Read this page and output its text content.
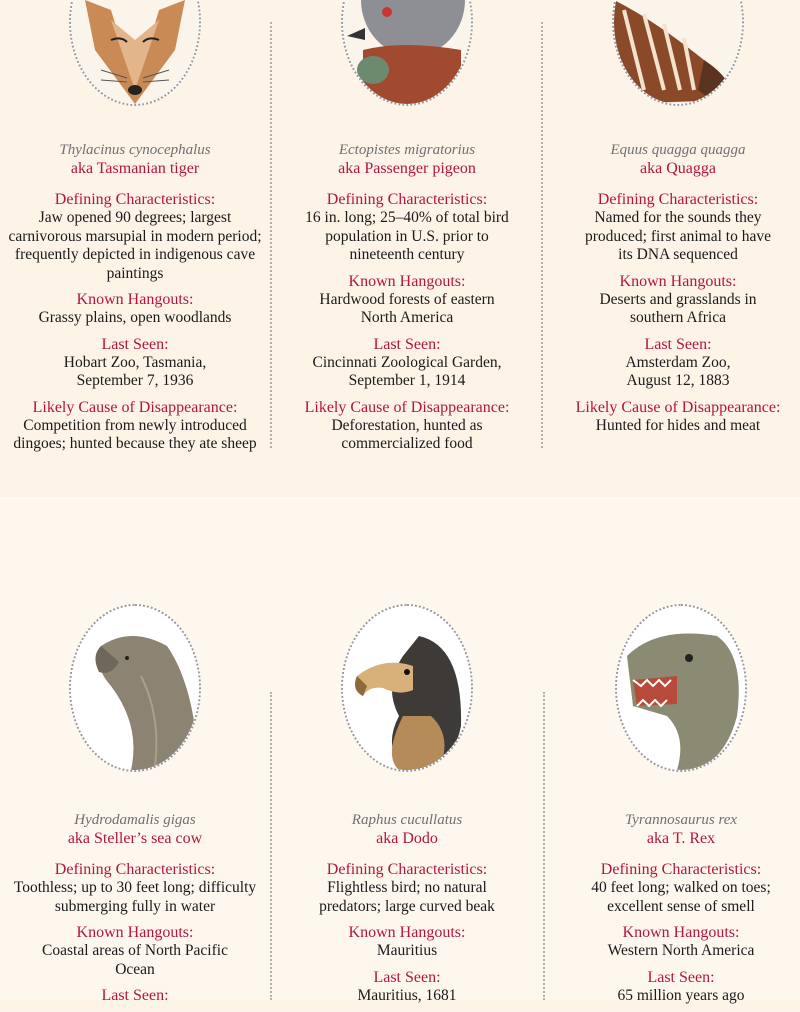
Thylacinus cynocephalus

aka Tasmanian tiger

Defining Characteristics:

Jaw opened 90 degrees; largest carnivorous marsupial in modern period; frequently depicted in indigenous cave paintings

Known Hangouts:

Grassy plains, open woodlands

Last Seen:

Hobart Zoo, Tasmania, September 7, 1936

Likely Cause of Disappearance:

Competition from newly introduced dingoes; hunted because they ate sheep

Ectopistes migratorius

aka Passenger pigeon

Defining Characteristics:

16 in. long; 25–40% of total bird population in U.S. prior to nineteenth century

Known Hangouts:

Hardwood forests of eastern North America

Last Seen:

Cincinnati Zoological Garden, September 1, 1914

Likely Cause of Disappearance:

Deforestation, hunted as commercialized food

Equus quagga quagga

aka Quagga

Defining Characteristics:

Named for the sounds they produced; first animal to have its DNA sequenced

Known Hangouts:

Deserts and grasslands in southern Africa

Last Seen:

Amsterdam Zoo, August 12, 1883

Likely Cause of Disappearance:

Hunted for hides and meat

Hydrodamalis gigas

aka Steller’s sea cow

Defining Characteristics:

Toothless; up to 30 feet long; difficulty submerging fully in water

Known Hangouts:

Coastal areas of North Pacific Ocean

Last Seen:

Raphus cucullatus

aka Dodo

Defining Characteristics:

Flightless bird; no natural predators; large curved beak

Known Hangouts:

Mauritius

Last Seen:

Mauritius, 1681

Tyrannosaurus rex

aka T. Rex

Defining Characteristics:

40 feet long; walked on toes; excellent sense of smell

Known Hangouts:

Western North America

Last Seen:

65 million years ago
